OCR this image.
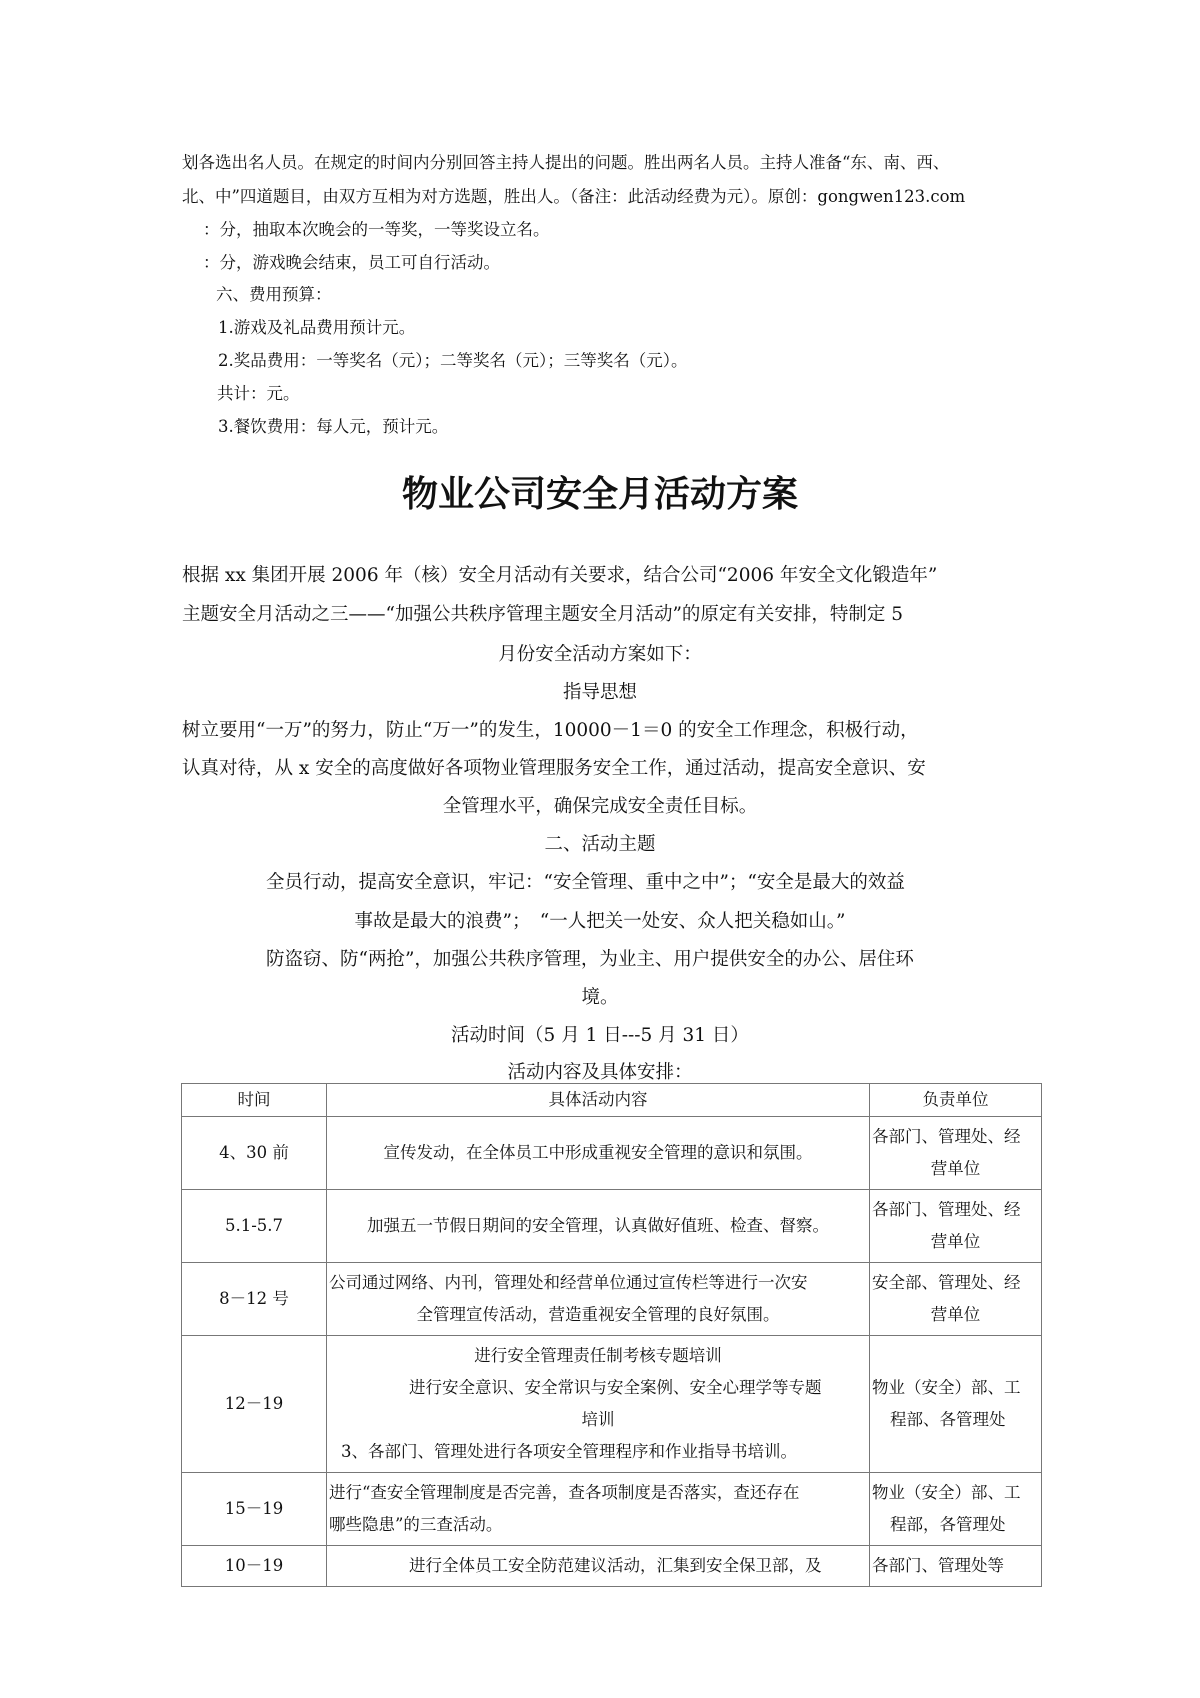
划各选出名人员。在规定的时间内分别回答主持人提出的问题。胜出两名人员。主持人准备“东、南、西、
北、中”四道题目，由双方互相为对方选题，胜出人。（备注：此活动经费为元）。原创：gongwen123.com
：分，抽取本次晚会的一等奖，一等奖设立名。
：分，游戏晚会结束，员工可自行活动。
六、费用预算：
1.游戏及礼品费用预计元。
2.奖品费用：一等奖名（元）；二等奖名（元）；三等奖名（元）。
共计：元。
3.餐饮费用：每人元，预计元。
物业公司安全月活动方案
根据 xx 集团开展 2006 年（核）安全月活动有关要求，结合公司“2006 年安全文化锻造年”
主题安全月活动之三——“加强公共秩序管理主题安全月活动”的原定有关安排，特制定 5
月份安全活动方案如下：
指导思想
树立要用“一万”的努力，防止“万一”的发生，10000－1＝0 的安全工作理念，积极行动，
认真对待，从 x 安全的高度做好各项物业管理服务安全工作，通过活动，提高安全意识、安
全管理水平，确保完成安全责任目标。
二、活动主题
全员行动，提高安全意识，牢记：“安全管理、重中之中”；“安全是最大的效益
事故是最大的浪费”；　“一人把关一处安、众人把关稳如山。”
防盗窃、防“两抢”，加强公共秩序管理，为业主、用户提供安全的办公、居住环
境。
活动时间（5 月 1 日---5 月 31 日）
活动内容及具体安排：
时间	具体活动内容	负责单位
4、30 前	宣传发动，在全体员工中形成重视安全管理的意识和氛围。	各部门、管理处、经
营单位

5.1-5.7	加强五一节假日期间的安全管理，认真做好值班、检查、督察。	各部门、管理处、经
营单位

8－12 号	公司通过网络、内刊，管理处和经营单位通过宣传栏等进行一次安
全管理宣传活动，营造重视安全管理的良好氛围。	安全部、管理处、经
营单位

12－19	进行安全管理责任制考核专题培训
进行安全意识、安全常识与安全案例、安全心理学等专题
培训
3、各部门、管理处进行各项安全管理程序和作业指导书培训。	物业（安全）部、工
程部、各管理处

15－19	进行“查安全管理制度是否完善，查各项制度是否落实，查还存在
哪些隐患”的三查活动。	物业（安全）部、工
程部，各管理处

10－19	进行全体员工安全防范建议活动，汇集到安全保卫部，及	各部门、管理处等
